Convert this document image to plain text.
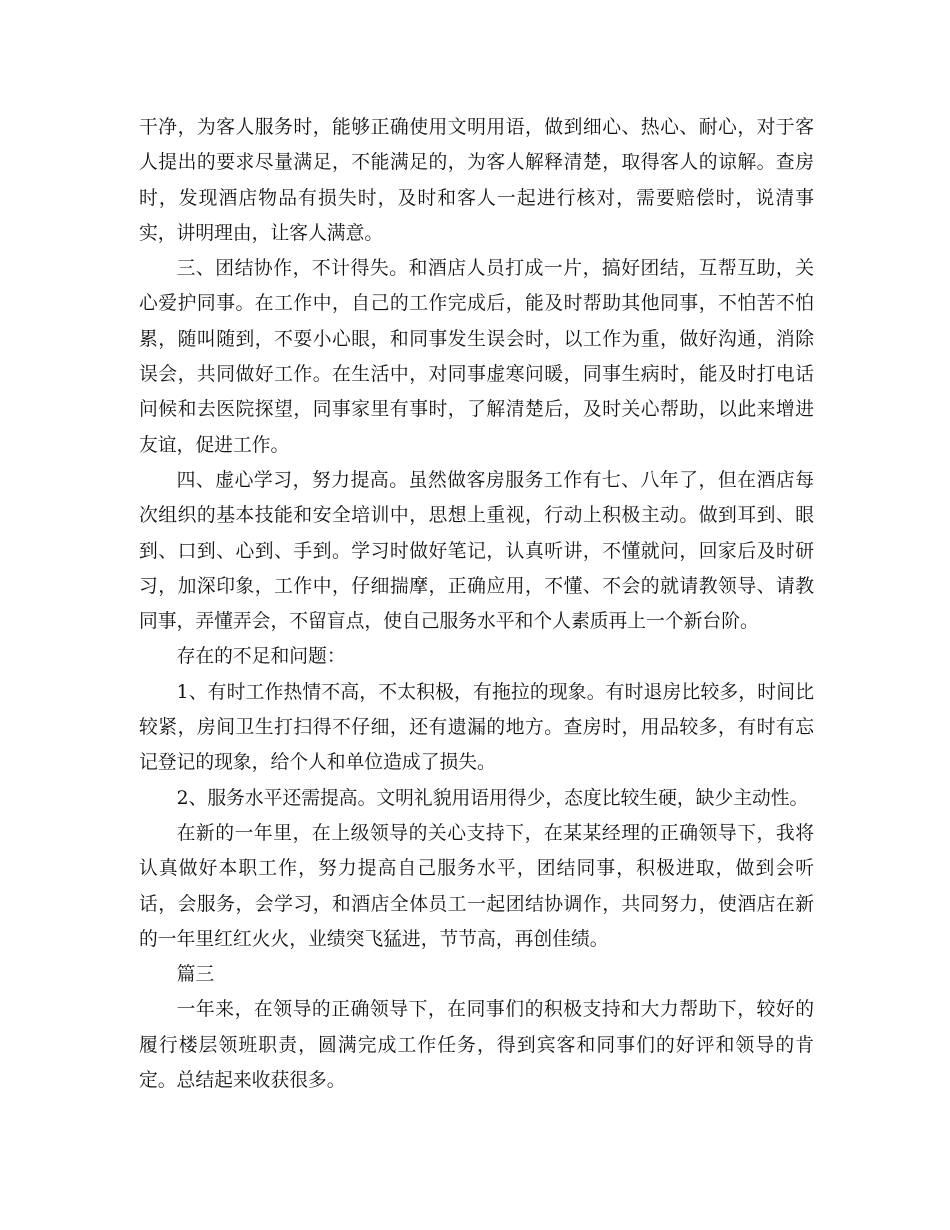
干净，为客人服务时，能够正确使用文明用语，做到细心、热心、耐心，对于客人提出的要求尽量满足，不能满足的，为客人解释清楚，取得客人的谅解。查房时，发现酒店物品有损失时，及时和客人一起进行核对，需要赔偿时，说清事实，讲明理由，让客人满意。

三、团结协作，不计得失。和酒店人员打成一片，搞好团结，互帮互助，关心爱护同事。在工作中，自己的工作完成后，能及时帮助其他同事，不怕苦不怕累，随叫随到，不耍小心眼，和同事发生误会时，以工作为重，做好沟通，消除误会，共同做好工作。在生活中，对同事虚寒问暖，同事生病时，能及时打电话问候和去医院探望，同事家里有事时，了解清楚后，及时关心帮助，以此来增进友谊，促进工作。

四、虚心学习，努力提高。虽然做客房服务工作有七、八年了，但在酒店每次组织的基本技能和安全培训中，思想上重视，行动上积极主动。做到耳到、眼到、口到、心到、手到。学习时做好笔记，认真听讲，不懂就问，回家后及时研习，加深印象，工作中，仔细揣摩，正确应用，不懂、不会的就请教领导、请教同事，弄懂弄会，不留盲点，使自己服务水平和个人素质再上一个新台阶。

存在的不足和问题：

1、有时工作热情不高，不太积极，有拖拉的现象。有时退房比较多，时间比较紧，房间卫生打扫得不仔细，还有遗漏的地方。查房时，用品较多，有时有忘记登记的现象，给个人和单位造成了损失。

2、服务水平还需提高。文明礼貌用语用得少，态度比较生硬，缺少主动性。

在新的一年里，在上级领导的关心支持下，在某某经理的正确领导下，我将认真做好本职工作，努力提高自己服务水平，团结同事，积极进取，做到会听话，会服务，会学习，和酒店全体员工一起团结协调作，共同努力，使酒店在新的一年里红红火火，业绩突飞猛进，节节高，再创佳绩。

篇三

一年来，在领导的正确领导下，在同事们的积极支持和大力帮助下，较好的履行楼层领班职责，圆满完成工作任务，得到宾客和同事们的好评和领导的肯定。总结起来收获很多。
